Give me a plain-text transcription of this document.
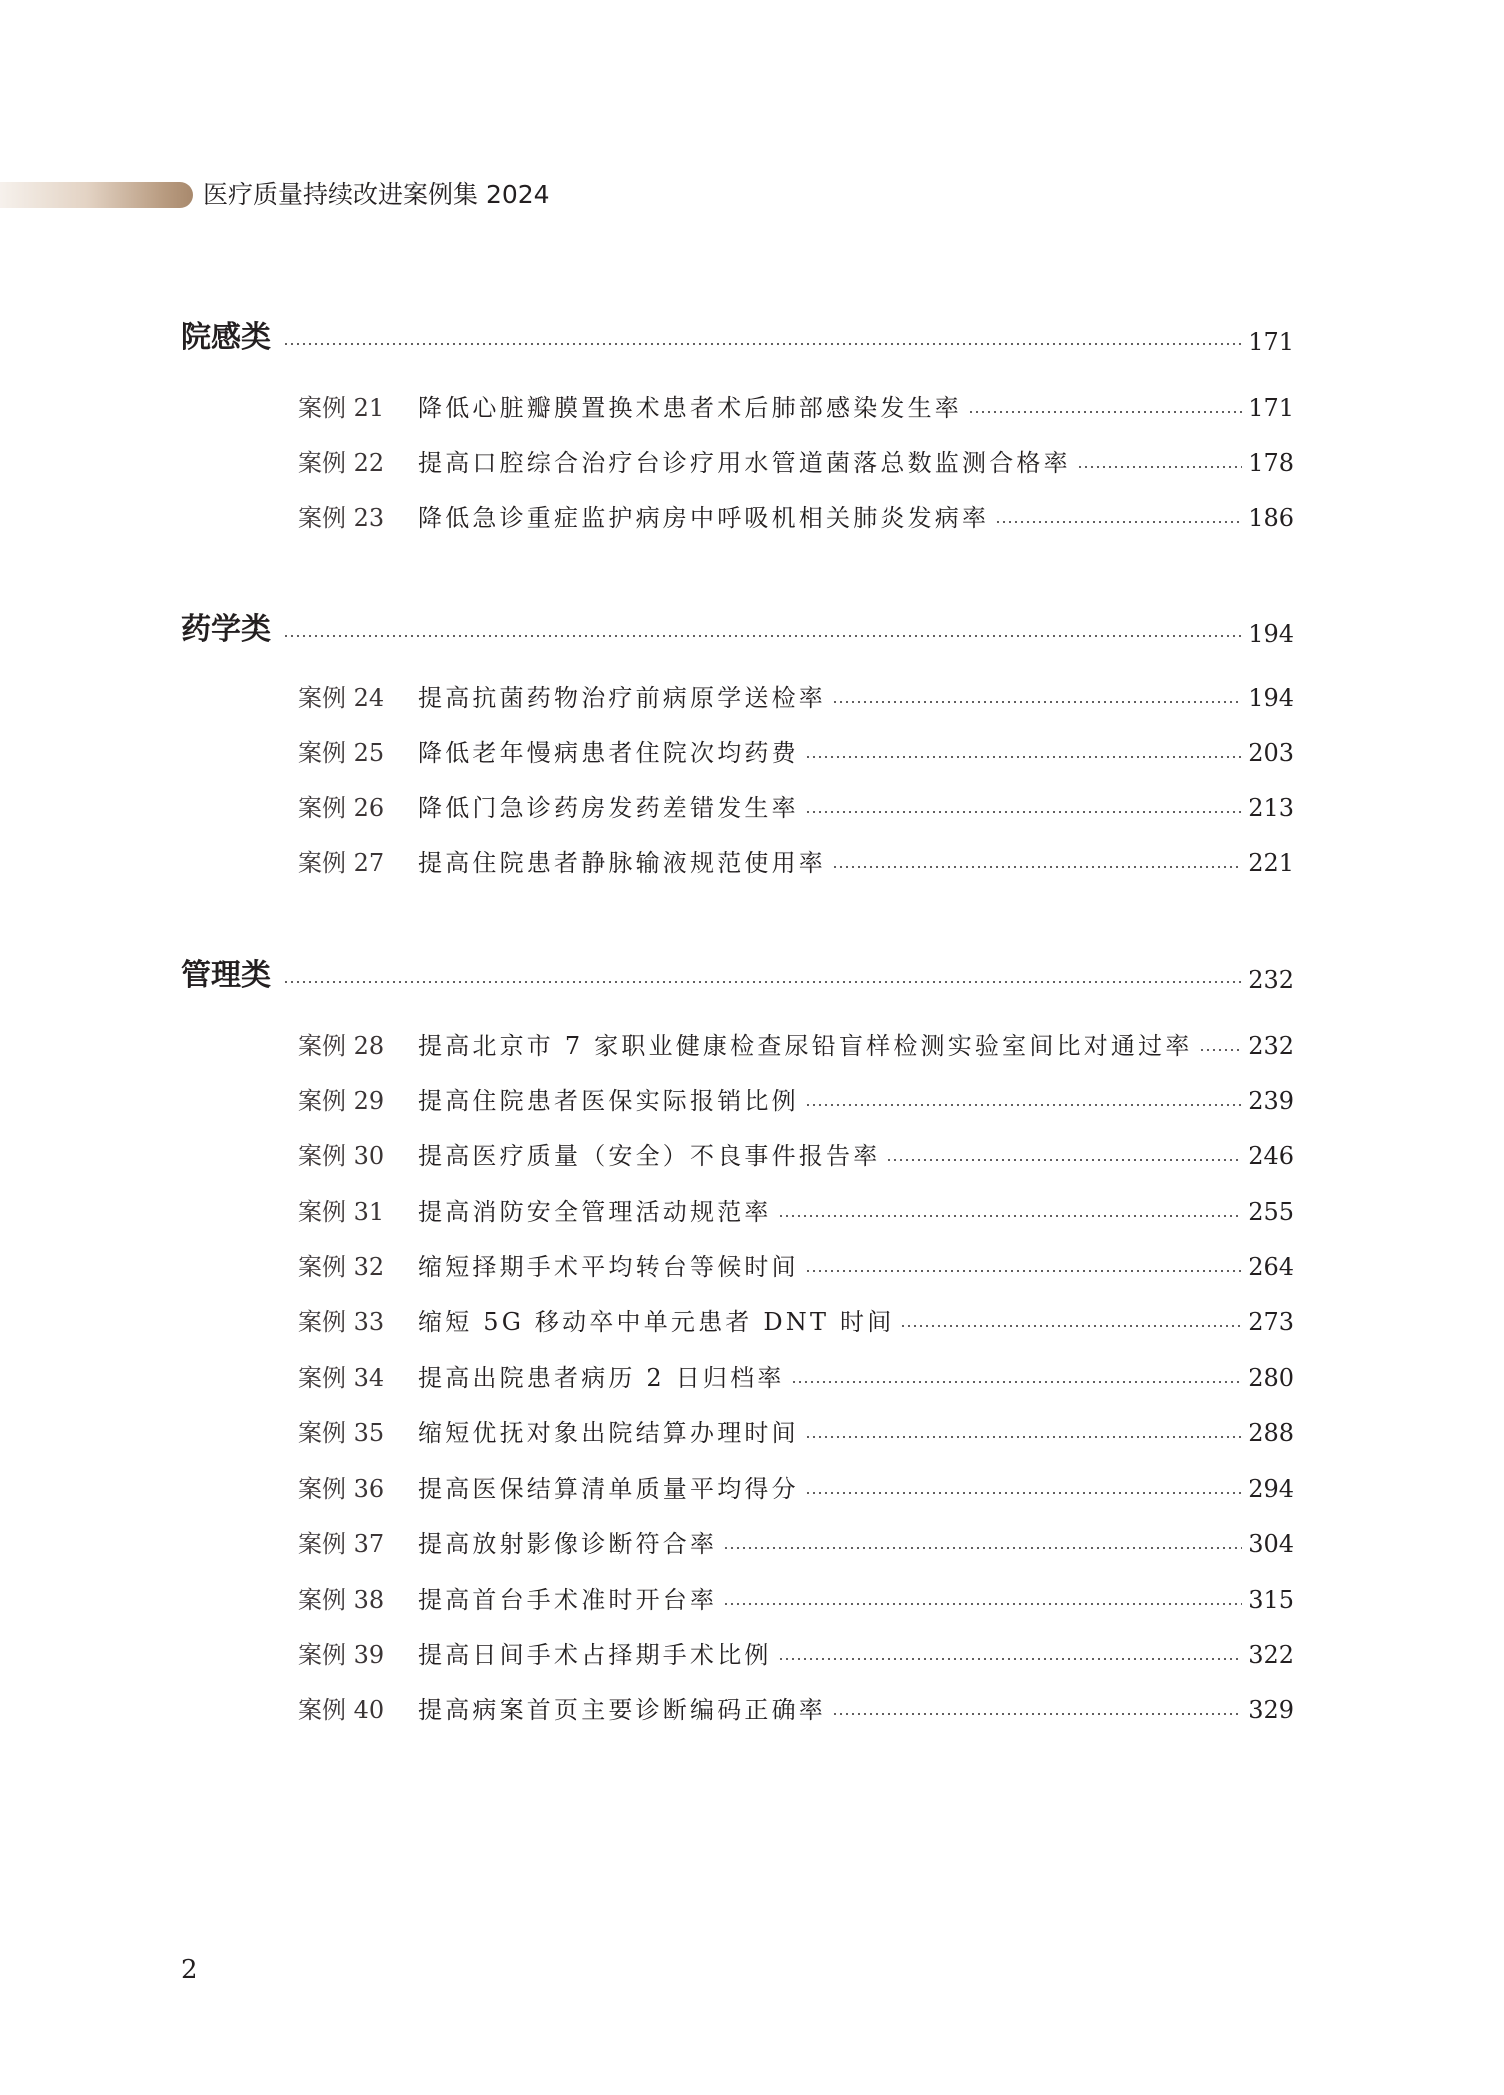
医疗质量持续改进案例集 2024
院感类	171
案例 21	降低心脏瓣膜置换术患者术后肺部感染发生率	171
案例 22	提高口腔综合治疗台诊疗用水管道菌落总数监测合格率	178
案例 23	降低急诊重症监护病房中呼吸机相关肺炎发病率	186
药学类	194
案例 24	提高抗菌药物治疗前病原学送检率	194
案例 25	降低老年慢病患者住院次均药费	203
案例 26	降低门急诊药房发药差错发生率	213
案例 27	提高住院患者静脉输液规范使用率	221
管理类	232
案例 28	提高北京市 7 家职业健康检查尿铅盲样检测实验室间比对通过率 232
案例 29	提高住院患者医保实际报销比例	239
案例 30	提高医疗质量（安全）不良事件报告率	246
案例 31	提高消防安全管理活动规范率	255
案例 32	缩短择期手术平均转台等候时间	264
案例 33	缩短 5G 移动卒中单元患者 DNT 时间	273
案例 34	提高出院患者病历 2 日归档率	280
案例 35	缩短优抚对象出院结算办理时间	288
案例 36	提高医保结算清单质量平均得分	294
案例 37	提高放射影像诊断符合率	304
案例 38	提高首台手术准时开台率	315
案例 39	提高日间手术占择期手术比例	322
案例 40	提高病案首页主要诊断编码正确率	329
2
